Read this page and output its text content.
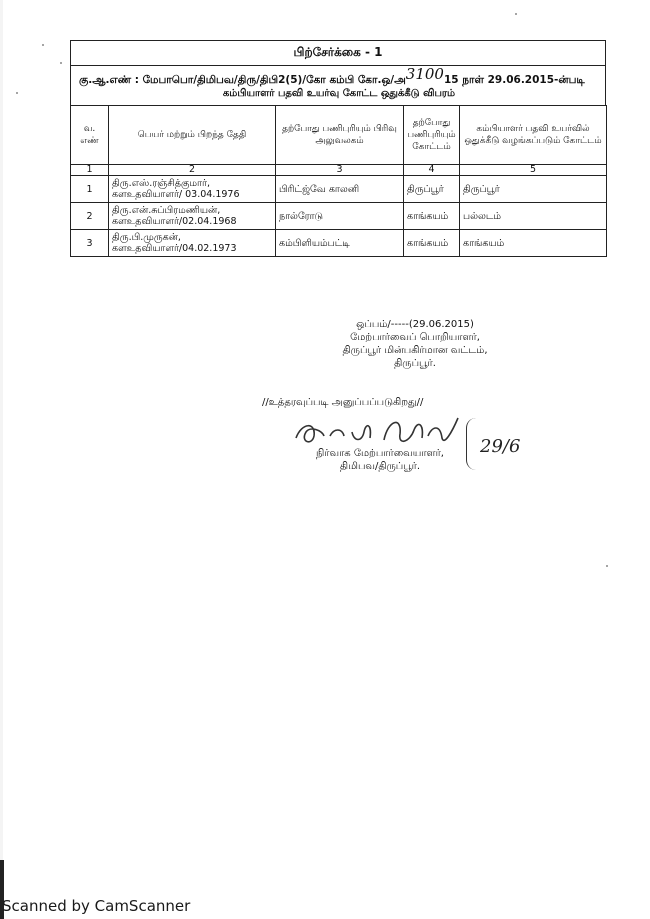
பிற்சேர்க்கை - 1
கு.ஆ.எண் : மேபாபொ/திமிபவ/திரு/திபி2(5)/கோ கம்பி கோ.ஒ/அ310015 நாள் 29.06.2015-ன்படி
கம்பியாளர் பதவி உயர்வு கோட்ட ஒதுக்கீடு விபரம்
வ. எண்	பெயர் மற்றும் பிறந்த தேதி	தற்போது பணிபுரியும் பிரிவு அலுவலகம்	தற்போது பணிபுரியும் கோட்டம்	கம்பியாளர் பதவி உயர்வில் ஒதுக்கீடு வழங்கப்படும் கோட்டம்
1	2	3	4	5
1	திரு.எஸ்.ரஞ்சித்குமார்,
களஉதவியாளர்/ 03.04.1976	பிரிட்ஜ்வே காலனி	திருப்பூர்	திருப்பூர்
2	திரு.என்.சுப்பிரமணியன்,
களஉதவியாளர்/02.04.1968	நால்ரோடு	காங்கயம்	பல்லடம்
3	திரு.பி.முருகன்,
களஉதவியாளர்/04.02.1973	கம்பிளியம்பட்டி	காங்கயம்	காங்கயம்
ஒப்பம்/-----(29.06.2015)
மேற்பார்வைப் பொறியாளர்,
திருப்பூர் மின்பகிர்மான வட்டம்,
திருப்பூர்.
//உத்தரவுப்படி அனுப்பப்படுகிறது//
29/6
நிர்வாக மேற்பார்வையாளர்,
திமிபவ/திருப்பூர்.
Scanned by CamScanner
